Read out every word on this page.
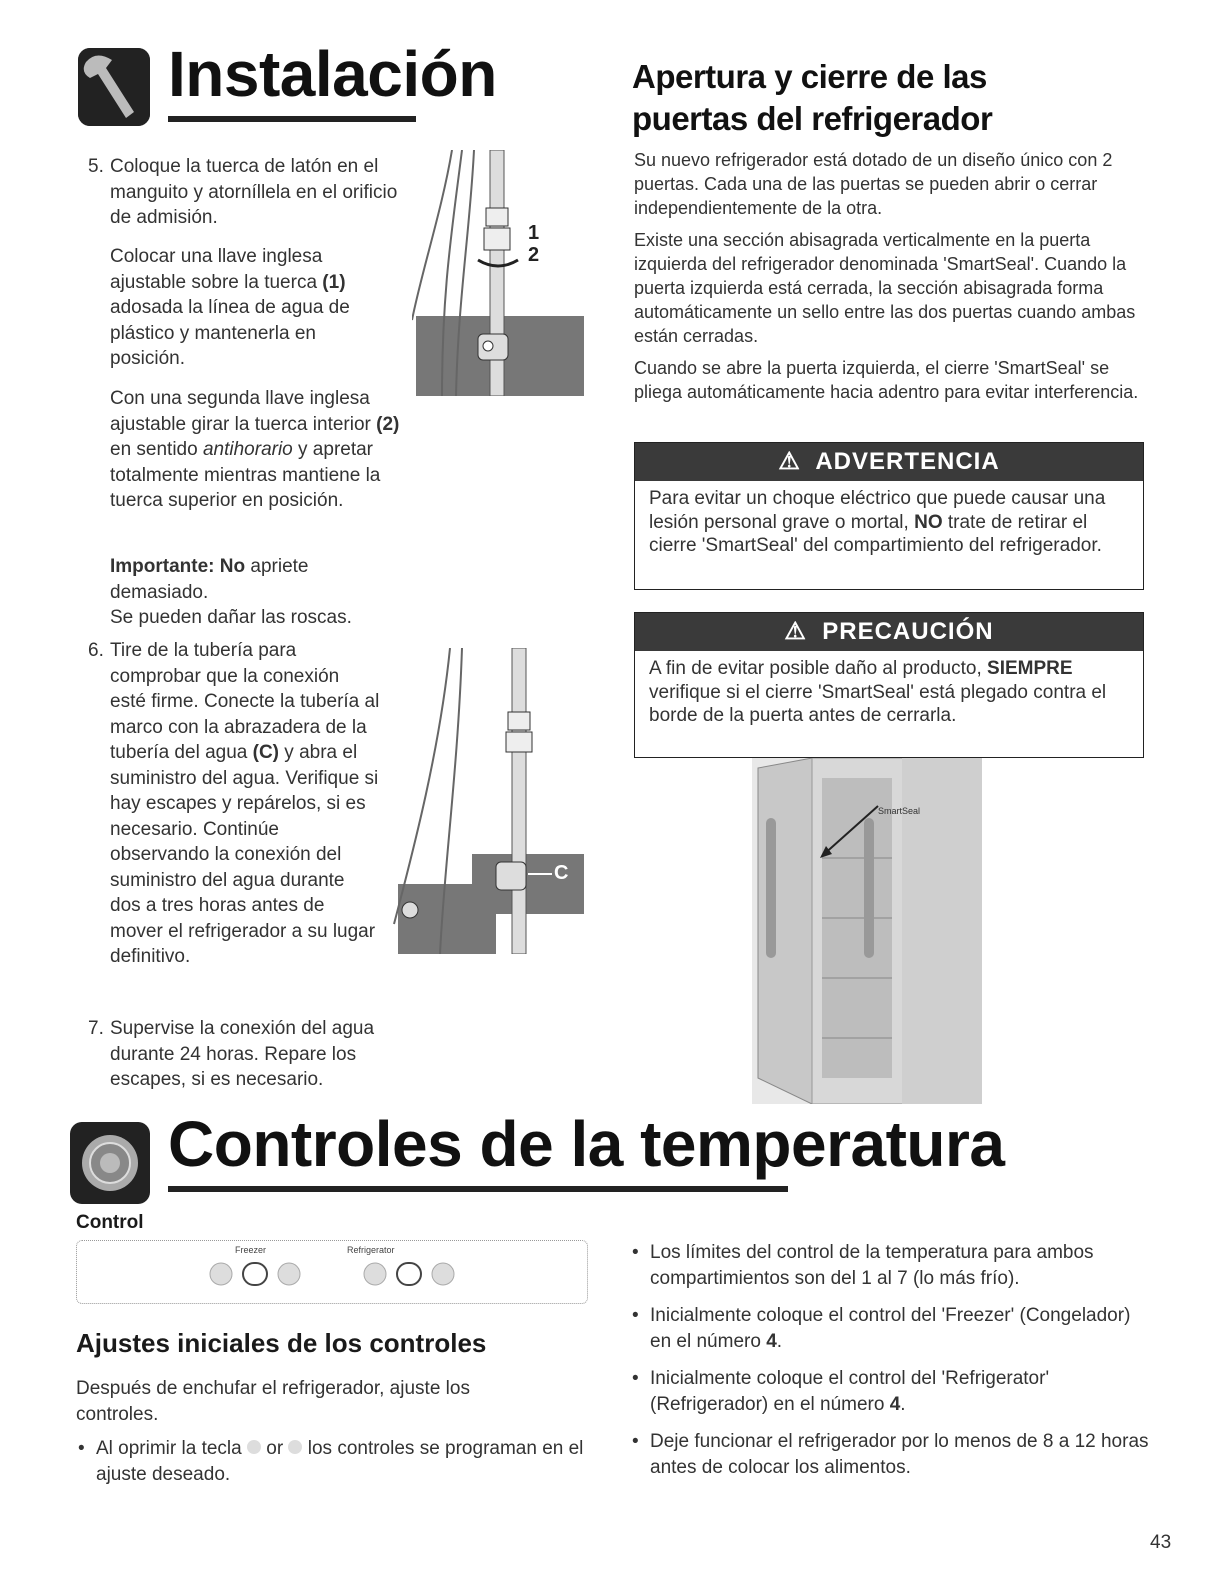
Instalación
5. Coloque la tuerca de latón en el manguito y atorníllela en el orificio de admisión.

Colocar una llave inglesa ajustable sobre la tuerca (1) adosada la línea de agua de plástico y mantenerla en posición.
Con una segunda llave inglesa ajustable girar la tuerca interior (2) en sentido antihorario y apretar totalmente mientras mantiene la tuerca superior en posición.
Importante: No apriete demasiado.
Se pueden dañar las roscas.
6. Tire de la tubería para comprobar que la conexión esté firme. Conecte la tubería al marco con la abrazadera de la tubería del agua (C) y abra el suministro del agua. Verifique si hay escapes y repárelos, si es necesario. Continúe observando la conexión del suministro del agua durante dos a tres horas antes de mover el refrigerador a su lugar definitivo.
7. Supervise la conexión del agua durante 24 horas. Repare los escapes, si es necesario.
1
2
C
Apertura y cierre de las
puertas del refrigerador
Su nuevo refrigerador está dotado de un diseño único con 2 puertas. Cada una de las puertas se pueden abrir o cerrar independientemente de la otra.
Existe una sección abisagrada verticalmente en la puerta izquierda del refrigerador denominada 'SmartSeal'. Cuando la puerta izquierda está cerrada, la sección abisagrada forma automáticamente un sello entre las dos puertas cuando ambas están cerradas.
Cuando se abre la puerta izquierda, el cierre 'SmartSeal' se pliega automáticamente hacia adentro para evitar interferencia.
⚠ ADVERTENCIA
Para evitar un choque eléctrico que puede causar una lesión personal grave o mortal, NO trate de retirar el cierre 'SmartSeal' del compartimiento del refrigerador.
⚠ PRECAUCIÓN
A fin de evitar posible daño al producto, SIEMPRE verifique si el cierre 'SmartSeal' está plegado contra el borde de la puerta antes de cerrarla.
SmartSeal
Controles de la temperatura
Control
Freezer	Refrigerator
Ajustes iniciales de los controles
Después de enchufar el refrigerador, ajuste los controles.
• Al oprimir la tecla or los controles se programan en el ajuste deseado.
• Los límites del control de la temperatura para ambos compartimientos son del 1 al 7 (lo más frío).
• Inicialmente coloque el control del 'Freezer' (Congelador) en el número 4.
• Inicialmente coloque el control del 'Refrigerator' (Refrigerador) en el número 4.
• Deje funcionar el refrigerador por lo menos de 8 a 12 horas antes de colocar los alimentos.
43
